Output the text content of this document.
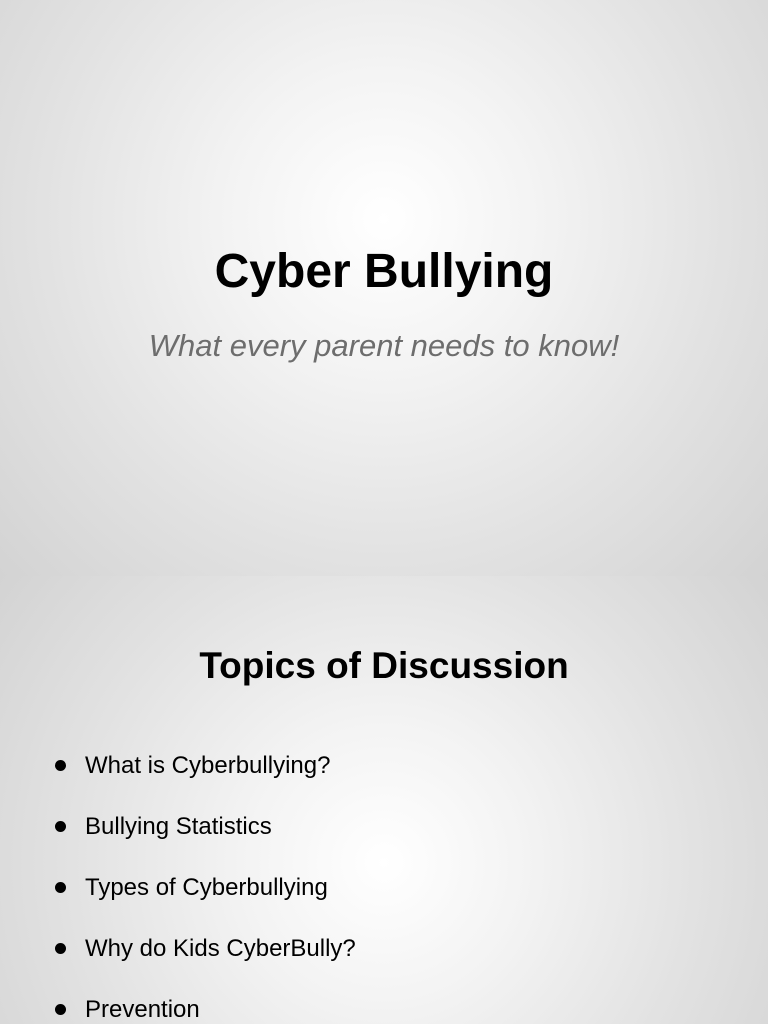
Cyber Bullying

What every parent needs to know!

Topics of Discussion
What is Cyberbullying?
Bullying Statistics
Types of Cyberbullying
Why do Kids CyberBully?
Prevention
